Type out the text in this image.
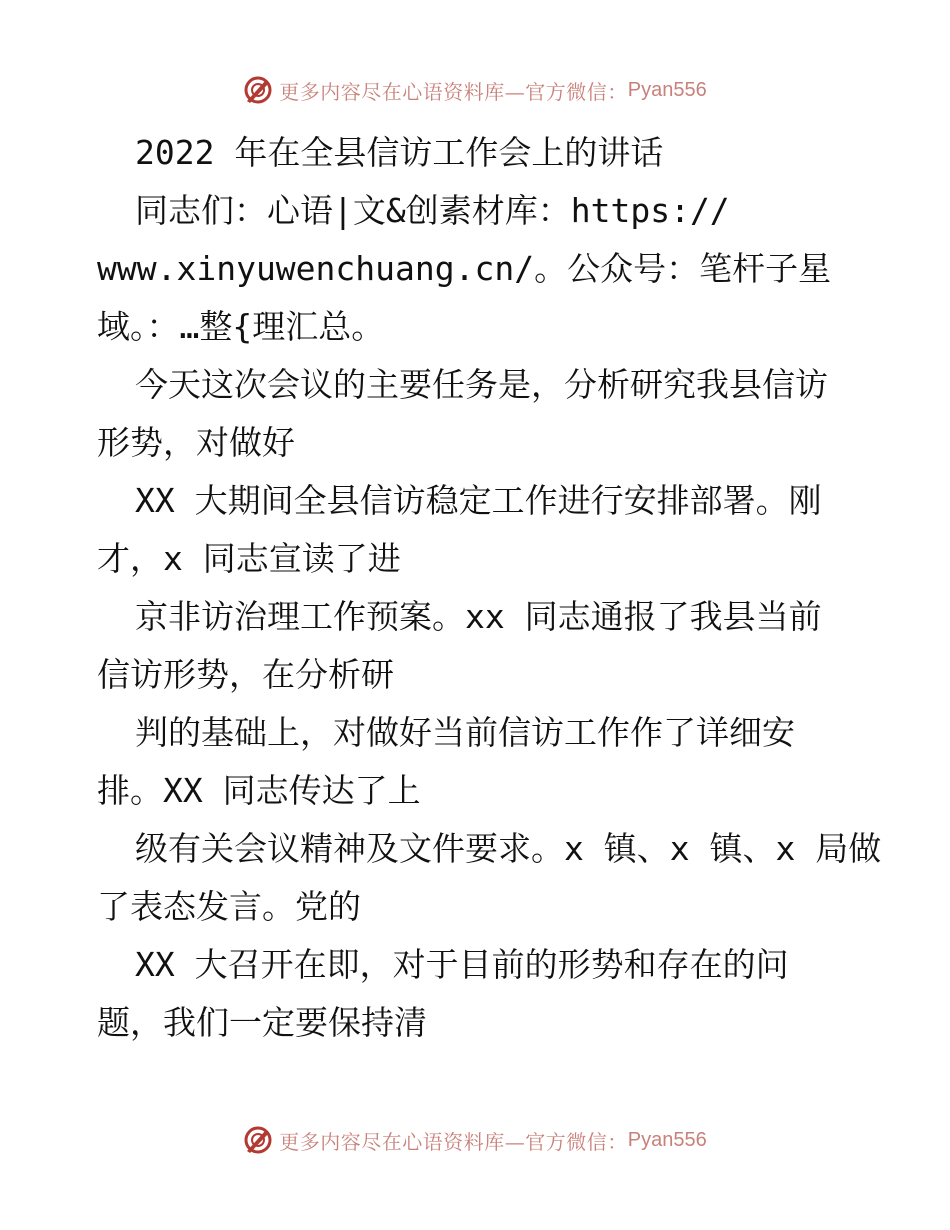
更多内容尽在心语资料库—官方微信： Pyan556
2022 年在全县信访工作会上的讲话
同志们：心语|文&创素材库：https://
www.xinyuwenchuang.cn/。公众号：笔杆子星
域。：…整{理汇总。
今天这次会议的主要任务是，分析研究我县信访
形势，对做好
XX 大期间全县信访稳定工作进行安排部署。刚
才，x 同志宣读了进
京非访治理工作预案。xx 同志通报了我县当前
信访形势，在分析研
判的基础上，对做好当前信访工作作了详细安
排。XX 同志传达了上
级有关会议精神及文件要求。x 镇、x 镇、x 局做
了表态发言。党的
XX 大召开在即，对于目前的形势和存在的问
题，我们一定要保持清
更多内容尽在心语资料库—官方微信： Pyan556
